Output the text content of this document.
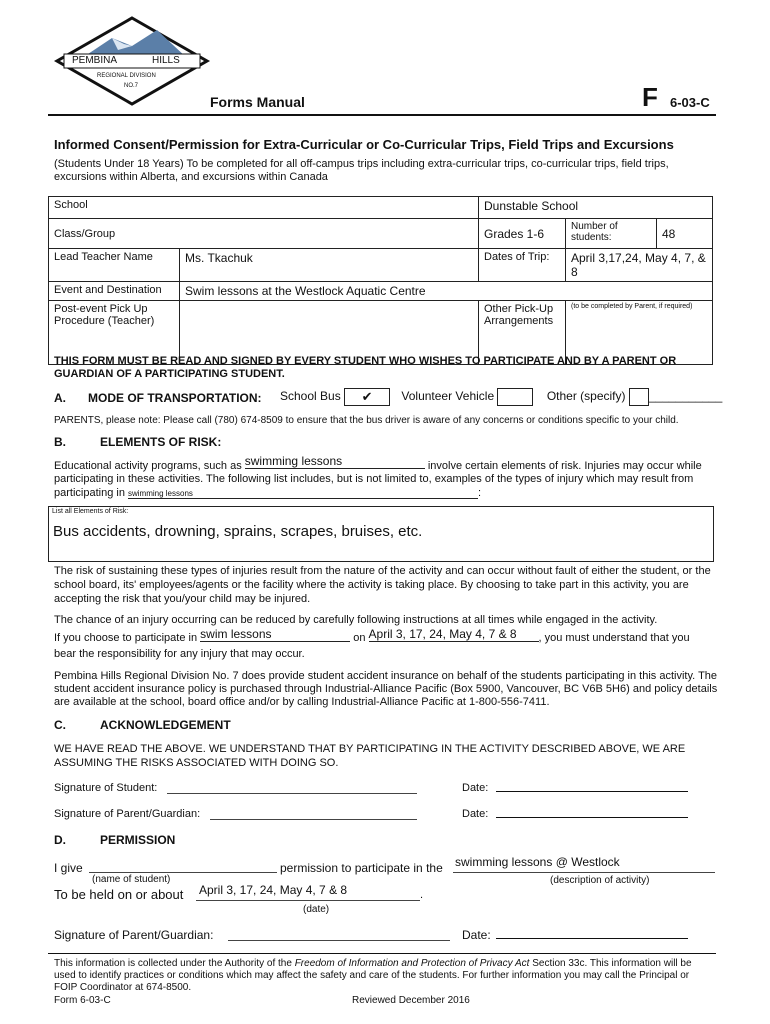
PEMBINA	HILLS
REGIONAL DIVISION
NO.7
Forms Manual	F 6-03-C
Informed Consent/Permission for Extra-Curricular or Co-Curricular Trips, Field Trips and Excursions
(Students Under 18 Years) To be completed for all off-campus trips including extra-curricular trips, co-curricular trips, field trips,
excursions within Alberta, and excursions within Canada
School		Dunstable School		
Class/Group		Grades 1-6	Number of students:	48
Lead Teacher Name	Ms. Tkachuk	Dates of Trip:	April 3,17,24, May 4, 7, & 8	
Event and Destination	Swim lessons at the Westlock Aquatic Centre			
Post-event Pick Up Procedure (Teacher)		Other Pick-Up Arrangements	(to be completed by Parent, if required)	
THIS FORM MUST BE READ AND SIGNED BY EVERY STUDENT WHO WISHES TO PARTICIPATE AND BY A PARENT OR GUARDIAN OF A PARTICIPATING STUDENT.
A. MODE OF TRANSPORTATION: School Bus ✔ Volunteer Vehicle	Other (specify) ___________
PARENTS, please note: Please call (780) 674-8509 to ensure that the bus driver is aware of any concerns or conditions specific to your child.
B.	ELEMENTS OF RISK:
Educational activity programs, such as swimming lessons	involve certain elements of risk. Injuries may occur while
participating in these activities. The following list includes, but is not limited to, examples of the types of injury which may result from
participating in swimming lessons	:
List all Elements of Risk:
Bus accidents, drowning, sprains, scrapes, bruises, etc.
The risk of sustaining these types of injuries result from the nature of the activity and can occur without fault of either the student, or the school board, its' employees/agents or the facility where the activity is taking place. By choosing to take part in this activity, you are accepting the risk that you/your child may be injured.
The chance of an injury occurring can be reduced by carefully following instructions at all times while engaged in the activity.
If you choose to participate in swim lessons	on April 3, 17, 24, May 4, 7 & 8 , you must understand that you
bear the responsibility for any injury that may occur.
Pembina Hills Regional Division No. 7 does provide student accident insurance on behalf of the students participating in this activity. The student accident insurance policy is purchased through Industrial-Alliance Pacific (Box 5900, Vancouver, BC V6B 5H6) and policy details are available at the school, board office and/or by calling Industrial-Alliance Pacific at 1-800-556-7411.
C.	ACKNOWLEDGEMENT
WE HAVE READ THE ABOVE. WE UNDERSTAND THAT BY PARTICIPATING IN THE ACTIVITY DESCRIBED ABOVE, WE ARE ASSUMING THE RISKS ASSOCIATED WITH DOING SO.
Signature of Student:	Date:
Signature of Parent/Guardian:	Date:
D.	PERMISSION
I give	permission to participate in the swimming lessons @ Westlock
(name of student)	(description of activity)
To be held on or about April 3, 17, 24, May 4, 7 & 8	.
(date)
Signature of Parent/Guardian:	Date:
This information is collected under the Authority of the Freedom of Information and Protection of Privacy Act Section 33c. This information will be
used to identify practices or conditions which may affect the safety and care of the students. For further information you may call the Principal or
FOIP Coordinator at 674-8500.
Form 6-03-C	Reviewed December 2016
